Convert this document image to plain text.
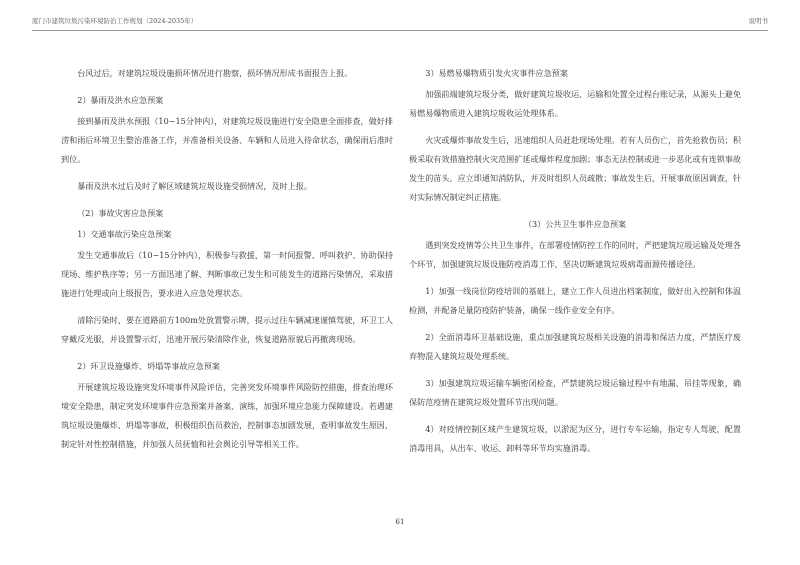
厦门市建筑垃圾污染环境防治工作规划（2024-2035年）	说明书

台风过后，对建筑垃圾设施损坏情况进行勘察，损坏情况形成书面报告上报。

2）暴雨及洪水应急预案

接到暴雨及洪水预报（10~15分钟内），对建筑垃圾设施进行安全隐患全面排查，做好排涝和雨后环境卫生整治准备工作，并准备相关设备、车辆和人员进入待命状态，确保雨后准时到位。

暴雨及洪水过后及时了解区域建筑垃圾设施受损情况，及时上报。

（2）事故灾害应急预案

1）交通事故污染应急预案

发生交通事故后（10~15分钟内），积极参与救援，第一时间报警、呼叫救护、协助保持现场、维护秩序等；另一方面迅速了解、判断事故已发生和可能发生的道路污染情况，采取措施进行处理或向上级报告，要求进入应急处理状态。

清除污染时，要在道路前方100m处放置警示牌，提示过往车辆减速谨慎驾驶，环卫工人穿戴反光服，并设置警示灯，迅速开展污染清除作业，恢复道路原貌后再撤离现场。

2）环卫设施爆炸、坍塌等事故应急预案

开展建筑垃圾设施突发环境事件风险评估，完善突发环境事件风险防控措施，排查治理环境安全隐患，制定突发环境事件应急预案并备案、演练，加强环境应急能力保障建设。若遇建筑垃圾设施爆炸、坍塌等事故，积极组织伤员救治，控制事态加剧发展，查明事故发生原因，制定针对性控制措施，并加强人员抚恤和社会舆论引导等相关工作。

3）易燃易爆物质引发火灾事件应急预案

加强前端建筑垃圾分类，做好建筑垃圾收运、运输和处置全过程台账记录，从源头上避免易燃易爆物质进入建筑垃圾收运处理体系。

火灾或爆炸事故发生后，迅速组织人员赶赴现场处理。若有人员伤亡，首先抢救伤员；积极采取有效措施控制火灾范围扩延或爆炸程度加剧；事态无法控制或进一步恶化或有连锁事故发生的苗头，应立即通知消防队，并及时组织人员疏散；事故发生后，开展事故原因调查，针对实际情况制定纠正措施。

（3）公共卫生事件应急预案

遇到突发疫情等公共卫生事件，在部署疫情防控工作的同时，严把建筑垃圾运输及处理各个环节，加强建筑垃圾设施防疫消毒工作，坚决切断建筑垃圾病毒面源传播途径。

1）加强一线岗位防疫培训的基础上，建立工作人员进出档案制度，做好出入控制和体温检测，并配备足量防疫防护装备，确保一线作业安全有序。

2）全面消毒环卫基础设施，重点加强建筑垃圾相关设施的消毒和保洁力度，严禁医疗废弃物混入建筑垃圾处理系统。

3）加强建筑垃圾运输车辆密闭检查，严禁建筑垃圾运输过程中有地漏、吊挂等现象，确保防范疫情在建筑垃圾处置环节出现问题。

4）对疫情控制区域产生建筑垃圾，以淤泥为区分，进行专车运输，指定专人驾驶，配置消毒用具，从出车、收运、卸料等环节均实施消毒。

61
